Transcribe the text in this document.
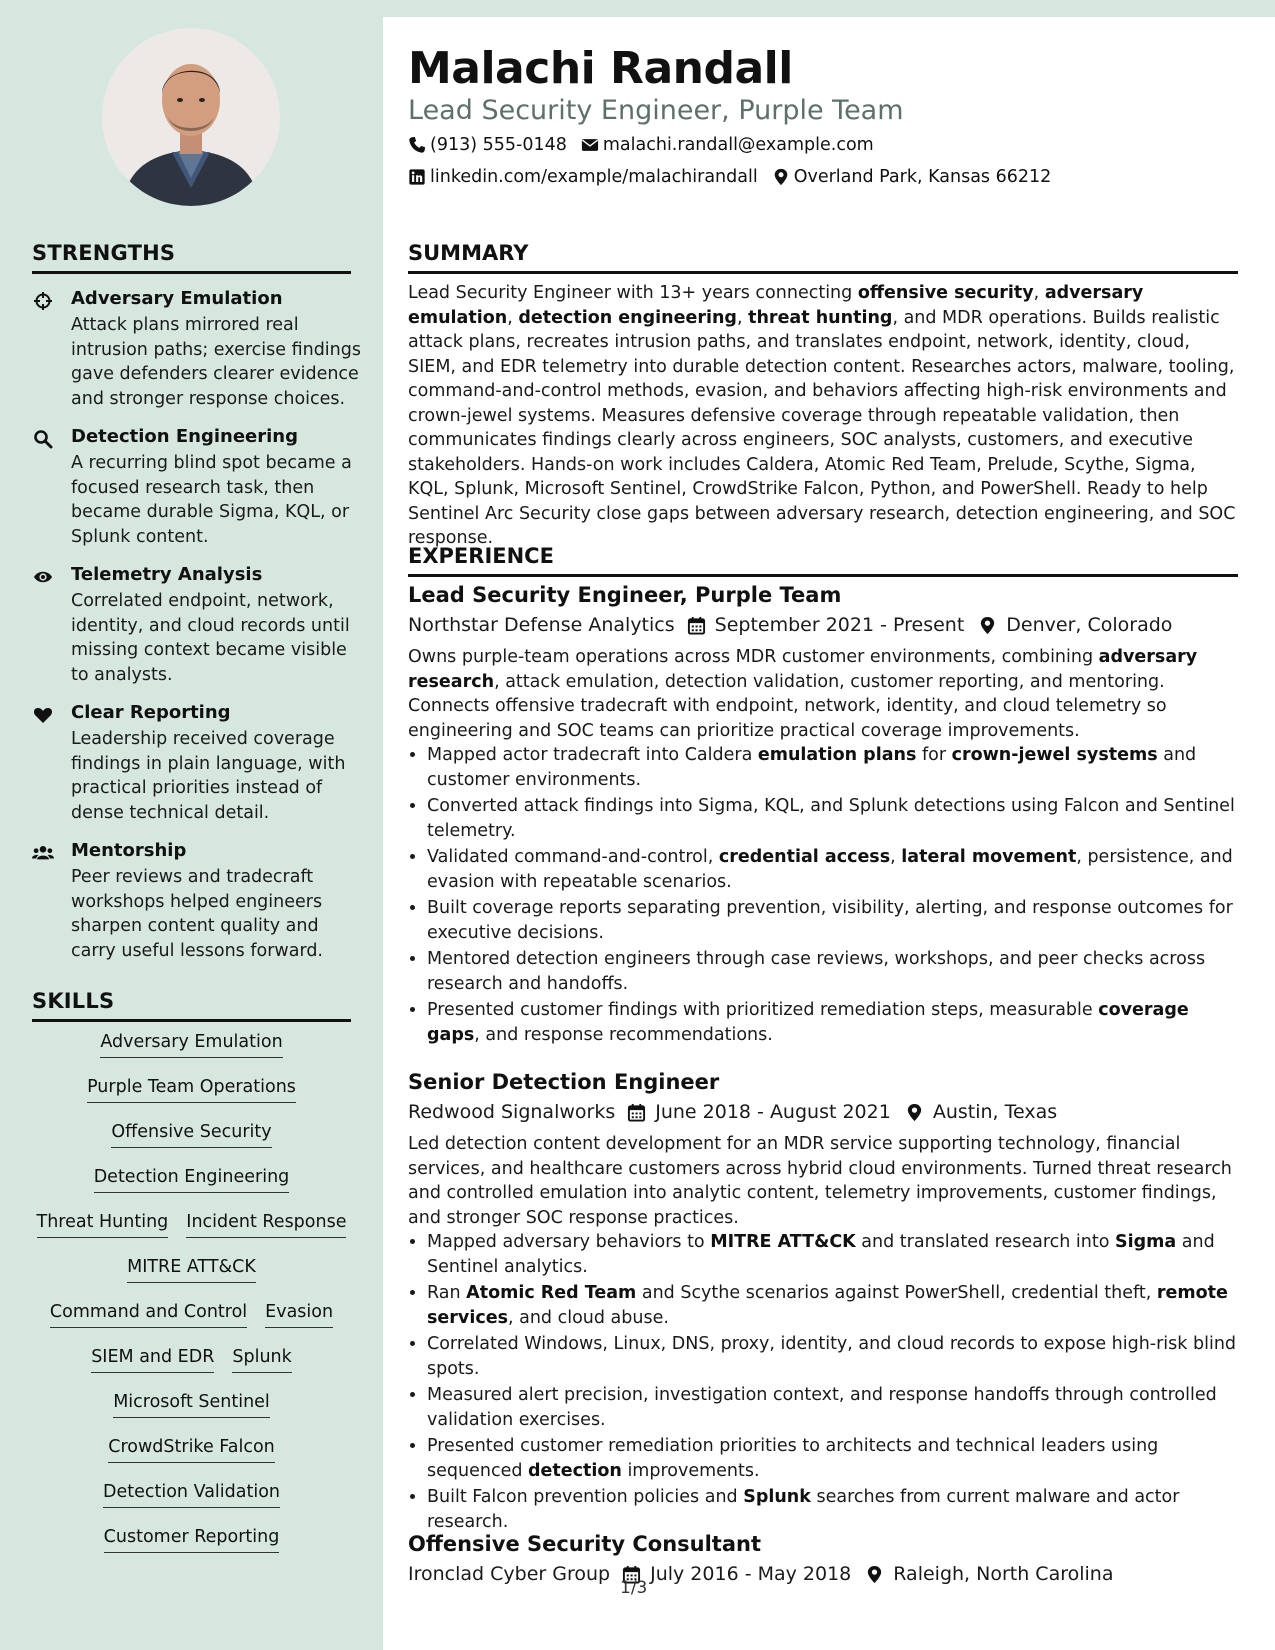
STRENGTHS
Adversary Emulation
Attack plans mirrored real intrusion paths; exercise findings gave defenders clearer evidence and stronger response choices.
Detection Engineering
A recurring blind spot became a focused research task, then became durable Sigma, KQL, or Splunk content.
Telemetry Analysis
Correlated endpoint, network, identity, and cloud records until missing context became visible to analysts.
Clear Reporting
Leadership received coverage findings in plain language, with practical priorities instead of dense technical detail.
Mentorship
Peer reviews and tradecraft workshops helped engineers sharpen content quality and carry useful lessons forward.
SKILLS
Adversary Emulation
Purple Team Operations
Offensive Security
Detection Engineering
Threat Hunting Incident Response
MITRE ATT&CK
Command and Control Evasion
SIEM and EDR Splunk
Microsoft Sentinel
CrowdStrike Falcon
Detection Validation
Customer Reporting
Malachi Randall
Lead Security Engineer, Purple Team
(913) 555-0148 malachi.randall@example.com
linkedin.com/example/malachirandall Overland Park, Kansas 66212
SUMMARY
Lead Security Engineer with 13+ years connecting offensive security, adversary emulation, detection engineering, threat hunting, and MDR operations. Builds realistic attack plans, recreates intrusion paths, and translates endpoint, network, identity, cloud, SIEM, and EDR telemetry into durable detection content. Researches actors, malware, tooling, command-and-control methods, evasion, and behaviors affecting high-risk environments and crown-jewel systems. Measures defensive coverage through repeatable validation, then communicates findings clearly across engineers, SOC analysts, customers, and executive stakeholders. Hands-on work includes Caldera, Atomic Red Team, Prelude, Scythe, Sigma, KQL, Splunk, Microsoft Sentinel, CrowdStrike Falcon, Python, and PowerShell. Ready to help Sentinel Arc Security close gaps between adversary research, detection engineering, and SOC response.
EXPERIENCE
Lead Security Engineer, Purple Team
Northstar Defense Analytics September 2021 - Present Denver, Colorado
Owns purple-team operations across MDR customer environments, combining adversary research, attack emulation, detection validation, customer reporting, and mentoring. Connects offensive tradecraft with endpoint, network, identity, and cloud telemetry so engineering and SOC teams can prioritize practical coverage improvements.
• Mapped actor tradecraft into Caldera emulation plans for crown-jewel systems and customer environments.
• Converted attack findings into Sigma, KQL, and Splunk detections using Falcon and Sentinel telemetry.
• Validated command-and-control, credential access, lateral movement, persistence, and evasion with repeatable scenarios.
• Built coverage reports separating prevention, visibility, alerting, and response outcomes for executive decisions.
• Mentored detection engineers through case reviews, workshops, and peer checks across research and handoffs.
• Presented customer findings with prioritized remediation steps, measurable coverage gaps, and response recommendations.
Senior Detection Engineer
Redwood Signalworks June 2018 - August 2021 Austin, Texas
Led detection content development for an MDR service supporting technology, financial services, and healthcare customers across hybrid cloud environments. Turned threat research and controlled emulation into analytic content, telemetry improvements, customer findings, and stronger SOC response practices.
• Mapped adversary behaviors to MITRE ATT&CK and translated research into Sigma and Sentinel analytics.
• Ran Atomic Red Team and Scythe scenarios against PowerShell, credential theft, remote services, and cloud abuse.
• Correlated Windows, Linux, DNS, proxy, identity, and cloud records to expose high-risk blind spots.
• Measured alert precision, investigation context, and response handoffs through controlled validation exercises.
• Presented customer remediation priorities to architects and technical leaders using sequenced detection improvements.
• Built Falcon prevention policies and Splunk searches from current malware and actor research.
Offensive Security Consultant
Ironclad Cyber Group July 2016 - May 2018 Raleigh, North Carolina
1/3
